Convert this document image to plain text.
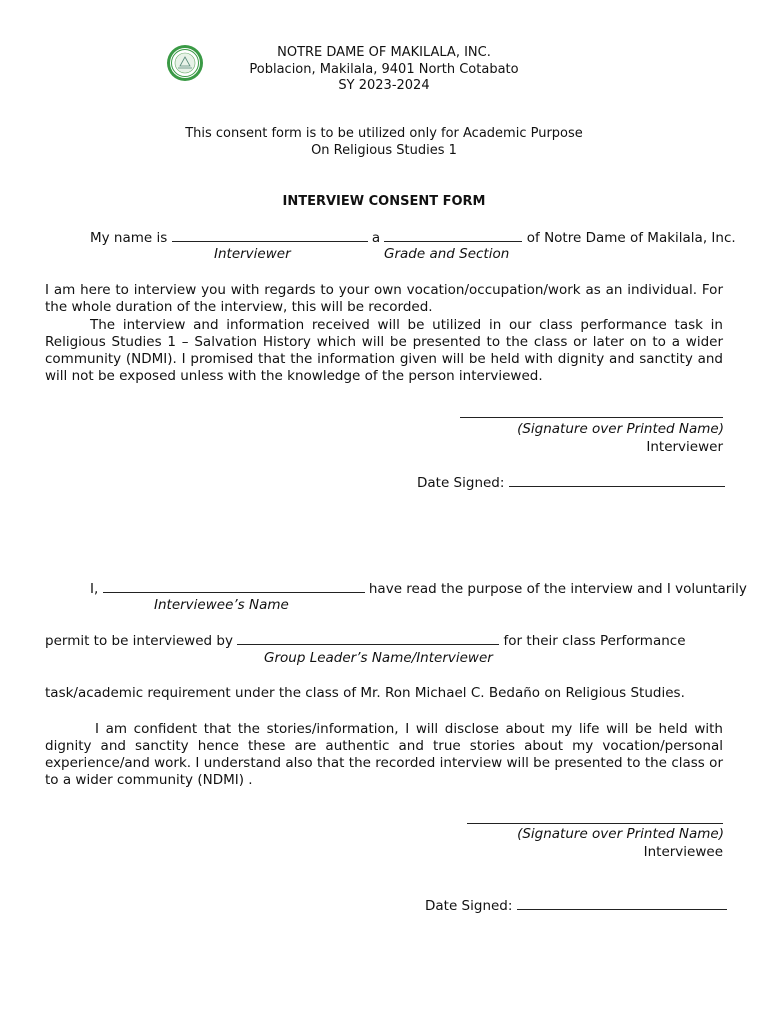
NOTRE DAME OF MAKILALA, INC.
Poblacion, Makilala, 9401 North Cotabato
SY 2023-2024
This consent form is to be utilized only for Academic Purpose
On Religious Studies 1
INTERVIEW CONSENT FORM
My name is	a	of Notre Dame of Makilala, Inc.
Interviewer	Grade and Section
I am here to interview you with regards to your own vocation/occupation/work as an individual. For the whole duration of the interview, this will be recorded.
The interview and information received will be utilized in our class performance task in Religious Studies 1 – Salvation History which will be presented to the class or later on to a wider community (NDMI). I promised that the information given will be held with dignity and sanctity and will not be exposed unless with the knowledge of the person interviewed.
(Signature over Printed Name)
Interviewer
Date Signed:
I,	have read the purpose of the interview and I voluntarily
Interviewee’s Name
permit to be interviewed by	for their class Performance
Group Leader’s Name/Interviewer
task/academic requirement under the class of Mr. Ron Michael C. Bedaño on Religious Studies.
I am confident that the stories/information, I will disclose about my life will be held with dignity and sanctity hence these are authentic and true stories about my vocation/personal experience/and work. I understand also that the recorded interview will be presented to the class or to a wider community (NDMI) .
(Signature over Printed Name)
Interviewee
Date Signed:
